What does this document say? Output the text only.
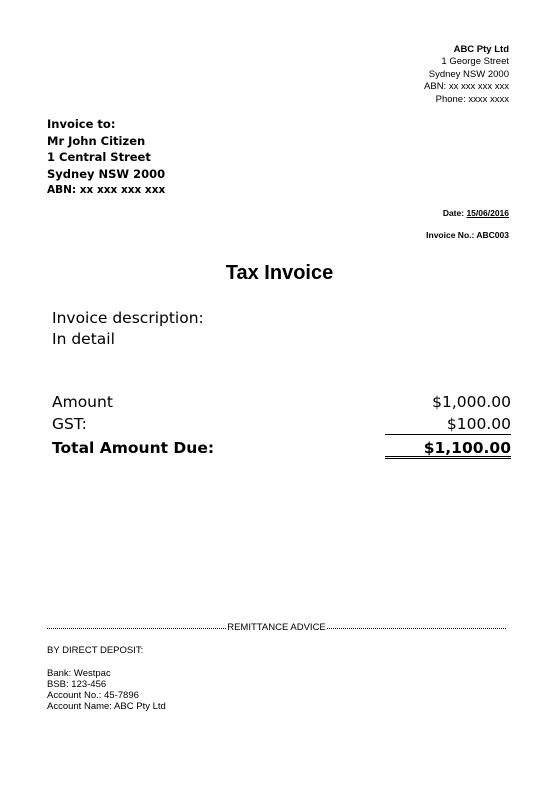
ABC Pty Ltd
1 George Street
Sydney NSW 2000
ABN: xx xxx xxx xxx
Phone: xxxx xxxx
Invoice to:
Mr John Citizen
1 Central Street
Sydney NSW 2000
ABN: xx xxx xxx xxx
Date: 15/06/2016
Invoice No.: ABC003
Tax Invoice
Invoice description:
In detail
Amount	$1,000.00
GST:	$100.00
Total Amount Due:	$1,100.00
REMITTANCE ADVICE
BY DIRECT DEPOSIT:
Bank: Westpac
BSB: 123-456
Account No.: 45-7896
Account Name: ABC Pty Ltd
